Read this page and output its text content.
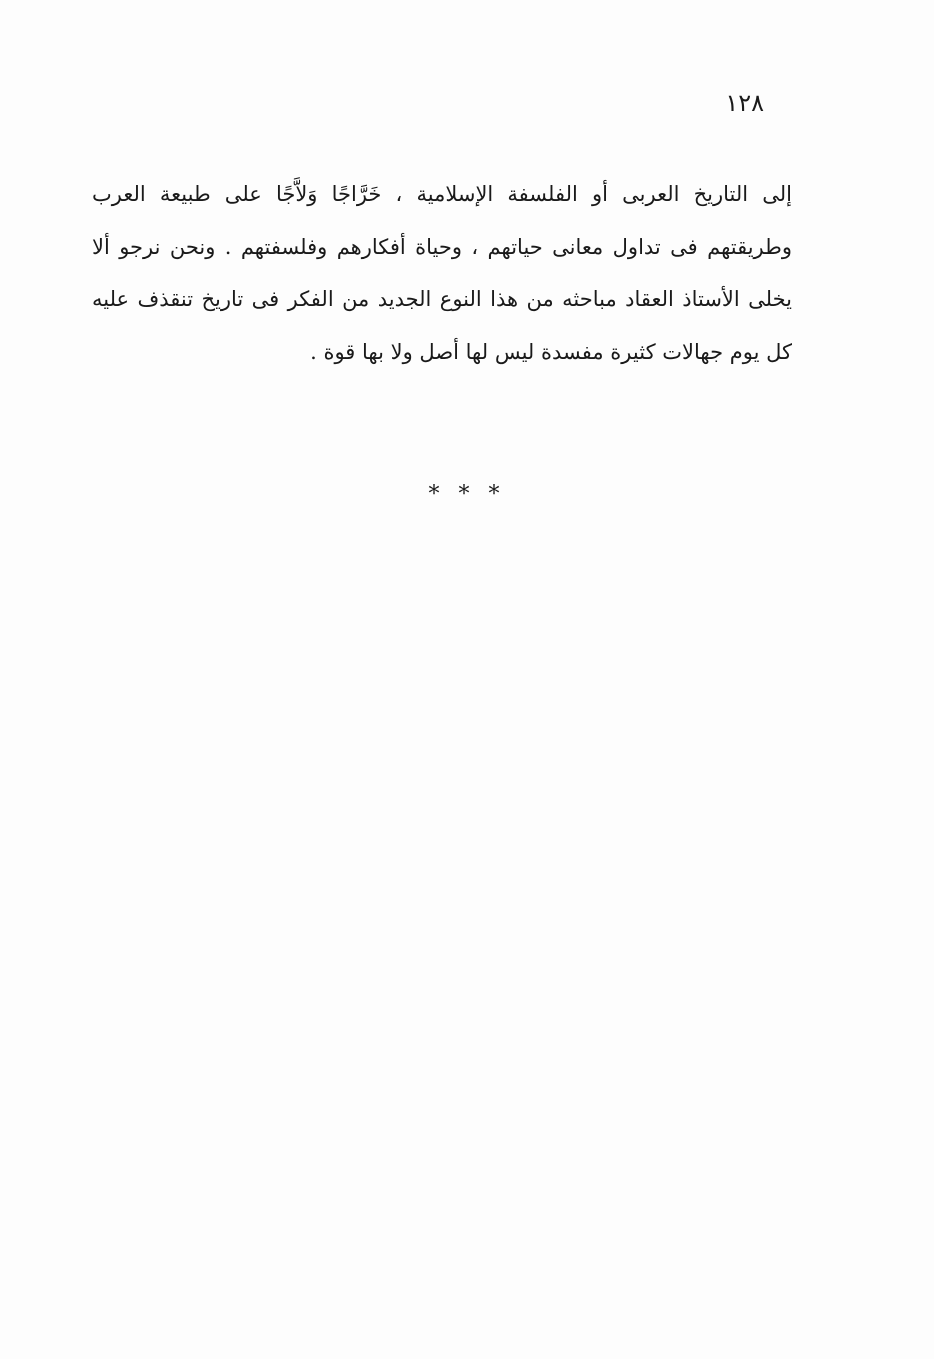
١٢٨

إلى التاريخ العربى أو الفلسفة الإسلامية ، خَرَّاجًا وَلاَّجًا على طبيعة العرب وطريقتهم فى تداول معانى حياتهم ، وحياة أفكارهم وفلسفتهم . ونحن نرجو ألا يخلى الأستاذ العقاد مباحثه من هذا النوع الجديد من الفكر فى تاريخ تنقذف عليه كل يوم جهالات كثيرة مفسدة ليس لها أصل ولا بها قوة .

* * *
